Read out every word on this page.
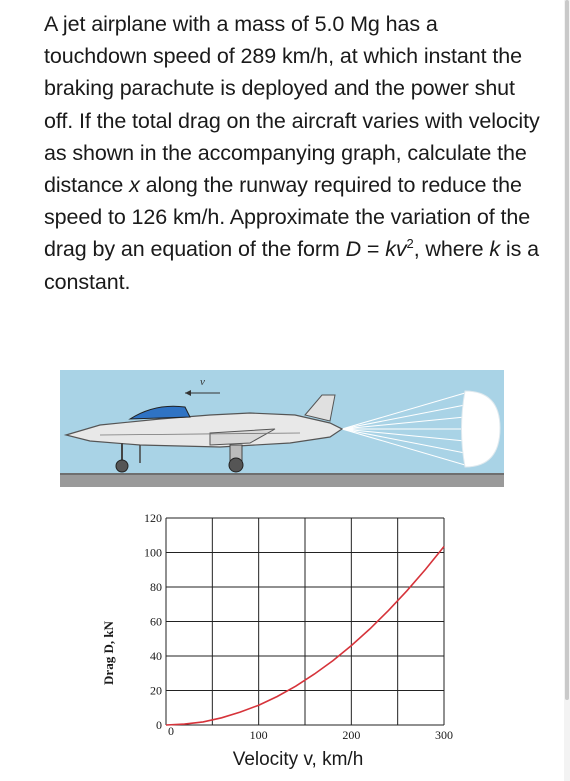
A jet airplane with a mass of 5.0 Mg has a touchdown speed of 289 km/h, at which instant the braking parachute is deployed and the power shut off. If the total drag on the aircraft varies with velocity as shown in the accompanying graph, calculate the distance x along the runway required to reduce the speed to 126 km/h. Approximate the variation of the drag by an equation of the form $D = kv^2$, where k is a constant.
v
0
20
40
60
80
100
120
100	200	300
0
Drag D, kN
Velocity v, km/h
